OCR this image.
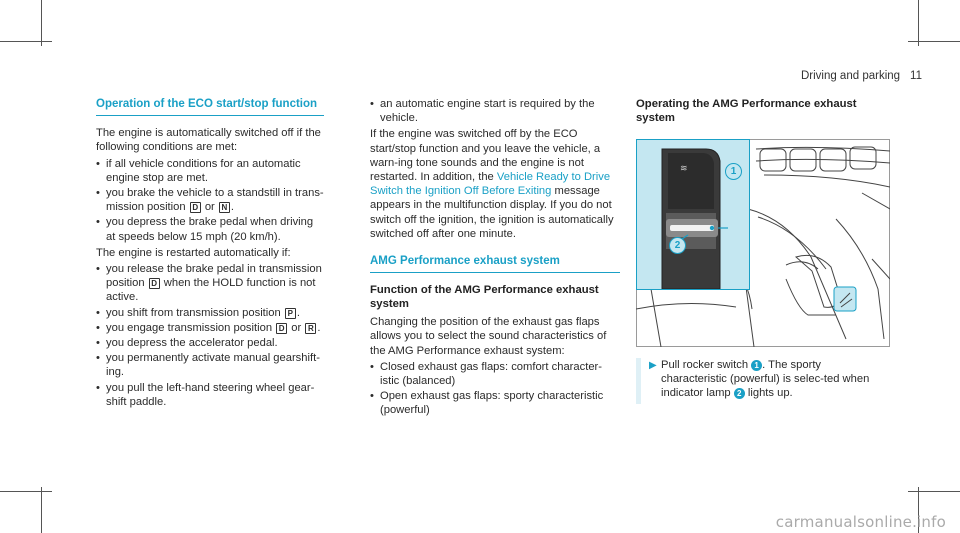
Driving and parking 11
Operation of the ECO start/stop function

The engine is automatically switched off if the following conditions are met:

• if all vehicle conditions for an automatic engine stop are met.
• you brake the vehicle to a standstill in trans-mission position D or N .
• you depress the brake pedal when driving at speeds below 15 mph (20 km/h).

The engine is restarted automatically if:

• you release the brake pedal in transmission position D when the HOLD function is not active.
• you shift from transmission position P .
• you engage transmission position D or R .
• you depress the accelerator pedal.
• you permanently activate manual gearshift-ing.
• you pull the left-hand steering wheel gear-shift paddle.
• an automatic engine start is required by the vehicle.

If the engine was switched off by the ECO start/stop function and you leave the vehicle, a warn-ing tone sounds and the engine is not restarted. In addition, the Vehicle Ready to Drive Switch the Ignition Off Before Exiting message appears in the multifunction display. If you do not switch off the ignition, the ignition is automatically switched off after one minute.

AMG Performance exhaust system
Function of the AMG Performance exhaust system

Changing the position of the exhaust gas flaps allows you to select the sound characteristics of the AMG Performance exhaust system:

• Closed exhaust gas flaps: comfort character-istic (balanced)
• Open exhaust gas flaps: sporty characteristic (powerful)
Operating the AMG Performance exhaust system
≋	1
2
▶ Pull rocker switch 1 . The sporty characteristic (powerful) is selec-ted when indicator lamp 2 lights up.
carmanualsonline.info
